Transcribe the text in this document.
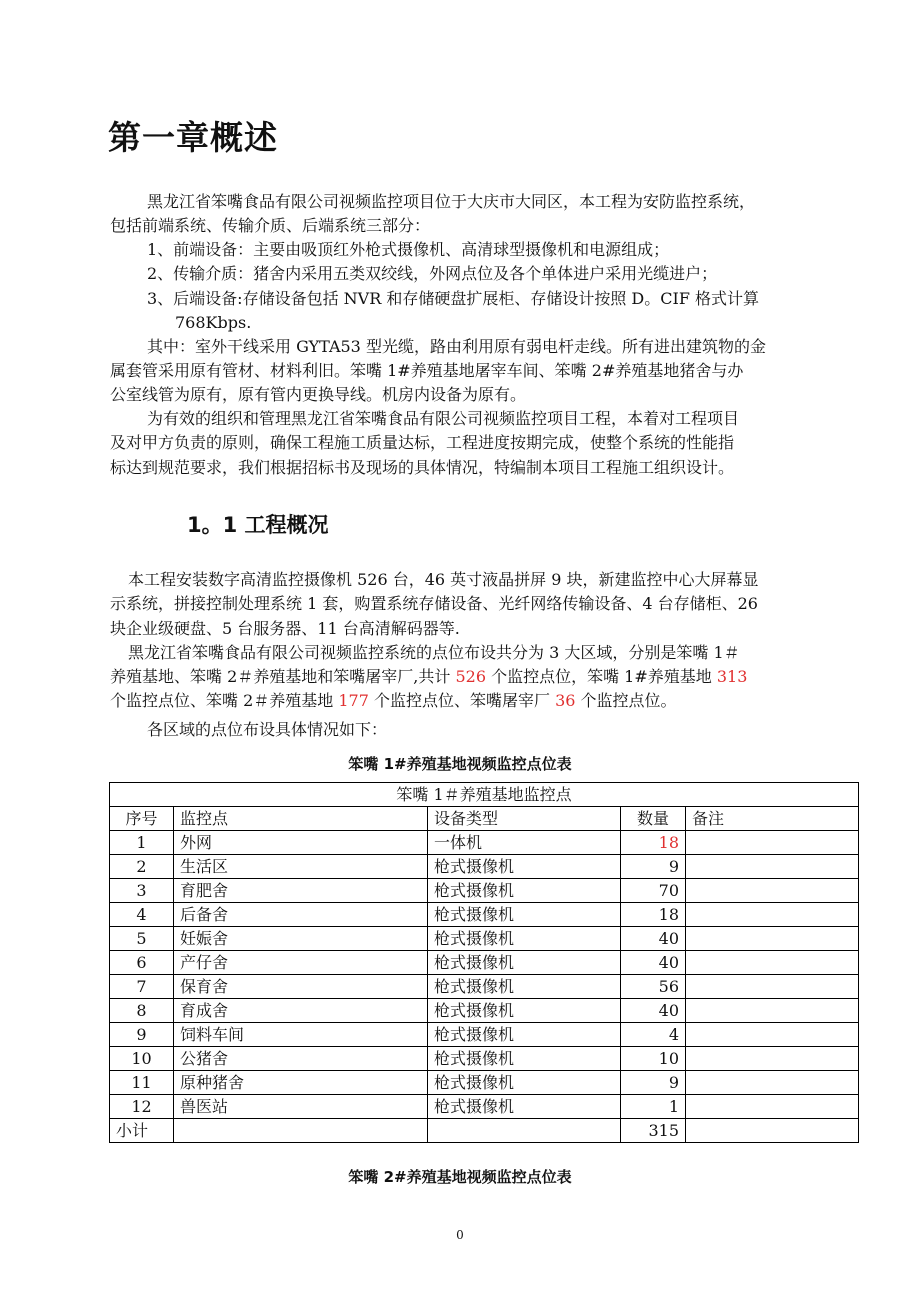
第一章概述

黑龙江省笨嘴食品有限公司视频监控项目位于大庆市大同区，本工程为安防监控系统，

包括前端系统、传输介质、后端系统三部分：

1、前端设备：主要由吸顶红外枪式摄像机、高清球型摄像机和电源组成；

2、传输介质：猪舍内采用五类双绞线，外网点位及各个单体进户采用光缆进户；

3、后端设备:存储设备包括 NVR 和存储硬盘扩展柜、存储设计按照 D。CIF 格式计算

768Kbps.

其中：室外干线采用 GYTA53 型光缆，路由利用原有弱电杆走线。所有进出建筑物的金

属套管采用原有管材、材料利旧。笨嘴 1#养殖基地屠宰车间、笨嘴 2#养殖基地猪舍与办

公室线管为原有，原有管内更换导线。机房内设备为原有。

为有效的组织和管理黑龙江省笨嘴食品有限公司视频监控项目工程，本着对工程项目

及对甲方负责的原则，确保工程施工质量达标，工程进度按期完成，使整个系统的性能指

标达到规范要求，我们根据招标书及现场的具体情况，特编制本项目工程施工组织设计。

1。1 工程概况

本工程安装数字高清监控摄像机 526 台，46 英寸液晶拼屏 9 块，新建监控中心大屏幕显

示系统，拼接控制处理系统 1 套，购置系统存储设备、光纤网络传输设备、4 台存储柜、26

块企业级硬盘、5 台服务器、11 台高清解码器等.

黑龙江省笨嘴食品有限公司视频监控系统的点位布设共分为 3 大区域，分别是笨嘴 1＃

养殖基地、笨嘴 2＃养殖基地和笨嘴屠宰厂,共计 526 个监控点位，笨嘴 1#养殖基地 313

个监控点位、笨嘴 2＃养殖基地 177 个监控点位、笨嘴屠宰厂 36 个监控点位。

各区域的点位布设具体情况如下：

笨嘴 1#养殖基地视频监控点位表
笨嘴 1＃养殖基地监控点				
序号	监控点	设备类型	数量	备注
1	外网	一体机	18	
2	生活区	枪式摄像机	9	
3	育肥舍	枪式摄像机	70	
4	后备舍	枪式摄像机	18	
5	妊娠舍	枪式摄像机	40	
6	产仔舍	枪式摄像机	40	
7	保育舍	枪式摄像机	56	
8	育成舍	枪式摄像机	40	
9	饲料车间	枪式摄像机	4	
10	公猪舍	枪式摄像机	10	
11	原种猪舍	枪式摄像机	9	
12	兽医站	枪式摄像机	1	
小计			315	
笨嘴 2#养殖基地视频监控点位表
0
